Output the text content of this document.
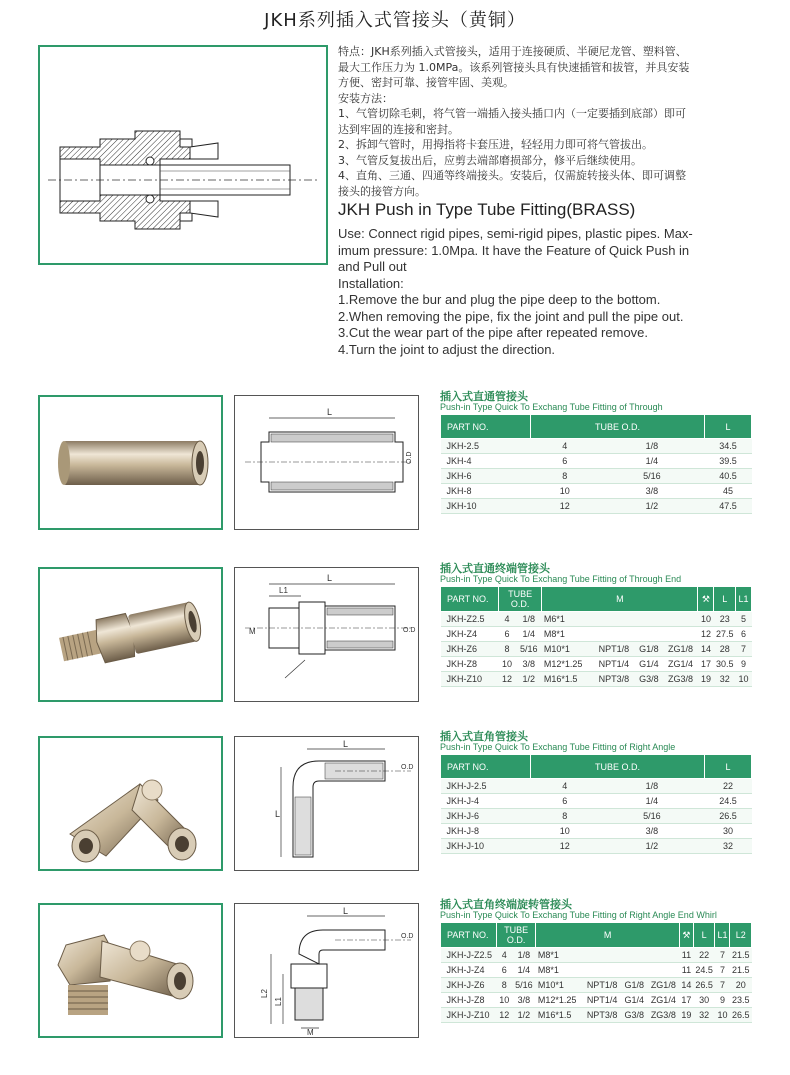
JKH系列插入式管接头（黄铜）

特点：JKH系列插入式管接头，适用于连接硬质、半硬尼龙管、塑料管、

最大工作压力为 1.0MPa。该系列管接头具有快速插管和拔管，并具安装

方便、密封可靠、接管牢固、美观。

安装方法：

1、气管切除毛刺，将气管一端插入接头插口内（一定要插到底部）即可

达到牢固的连接和密封。

2、拆卸气管时，用拇指将卡套压进，轻轻用力即可将气管拔出。

3、气管反复拔出后，应剪去端部磨损部分，修平后继续使用。

4、直角、三通、四通等终端接头。安装后，仅需旋转接头体、即可调整

接头的接管方向。

JKH Push in Type Tube Fitting(BRASS)

Use: Connect rigid pipes, semi-rigid pipes, plastic pipes. Max-

imum pressure: 1.0Mpa. It have the Feature of Quick Push in

and Pull out

Installation:

1.Remove the bur and plug the pipe deep to the bottom.

2.When removing the pipe, fix the joint and pull the pipe out.

3.Cut the wear part of the pipe after repeated remove.

4.Turn the joint to adjust the direction.

L
O.D
插入式直通管接头
Push-in Type Quick To Exchang Tube Fitting of Through
PART NO.	TUBE O.D.		L
JKH-2.5	4	1/8	34.5
JKH-4	6	1/4	39.5
JKH-6	8	5/16	40.5
JKH-8	10	3/8	45
JKH-10	12	1/2	47.5
L
L1
M	O.D
插入式直通终端管接头
Push-in Type Quick To Exchang Tube Fitting of Through End
PART NO.	TUBE O.D.		M				⚒	L	L1
JKH-Z2.5	4	1/8	M6*1				10	23	5
JKH-Z4	6	1/4	M8*1				12	27.5	6
JKH-Z6	8	5/16	M10*1	NPT1/8	G1/8	ZG1/8	14	28	7
JKH-Z8	10	3/8	M12*1.25	NPT1/4	G1/4	ZG1/4	17	30.5	9
JKH-Z10	12	1/2	M16*1.5	NPT3/8	G3/8	ZG3/8	19	32	10
L
L
O.D
插入式直角管接头
Push-in Type Quick To Exchang Tube Fitting of Right Angle
PART NO.	TUBE O.D.		L
JKH-J-2.5	4	1/8	22
JKH-J-4	6	1/4	24.5
JKH-J-6	8	5/16	26.5
JKH-J-8	10	3/8	30
JKH-J-10	12	1/2	32
L
L2
L1
M
O.D
插入式直角终端旋转管接头
Push-in Type Quick To Exchang Tube Fitting of Right Angle End Whirl
PART NO.	TUBE O.D.		M				⚒	L	L1	L2
JKH-J-Z2.5	4	1/8	M8*1				11	22	7	21.5
JKH-J-Z4	6	1/4	M8*1				11	24.5	7	21.5
JKH-J-Z6	8	5/16	M10*1	NPT1/8	G1/8	ZG1/8	14	26.5	7	20
JKH-J-Z8	10	3/8	M12*1.25	NPT1/4	G1/4	ZG1/4	17	30	9	23.5
JKH-J-Z10	12	1/2	M16*1.5	NPT3/8	G3/8	ZG3/8	19	32	10	26.5
